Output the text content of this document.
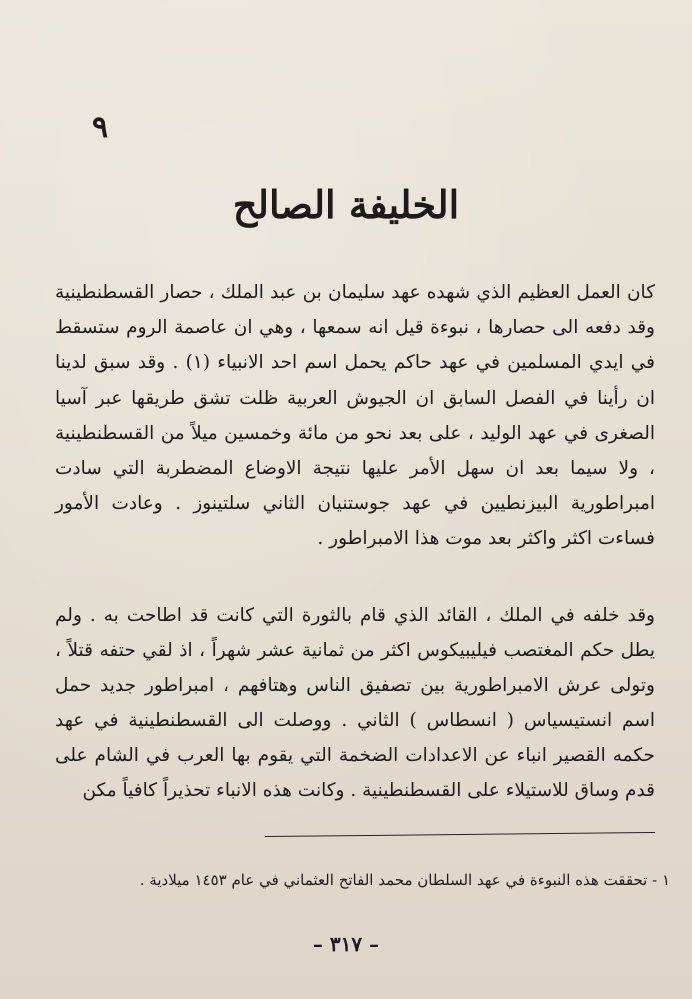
٩
الخليفة الصالح

كان العمل العظيم الذي شهده عهد سليمان بن عبد الملك ، حصار القسطنطينية وقد دفعه الى حصارها ، نبوءة قيل انه سمعها ، وهي ان عاصمة الروم ستسقط في ايدي المسلمين في عهد حاكم يحمل اسم احد الانبياء (١) . وقد سبق لدينا ان رأينا في الفصل السابق ان الجيوش العربية ظلت تشق طريقها عبر آسيا الصغرى في عهد الوليد ، على بعد نحو من مائة وخمسين ميلاً من القسطنطينية ، ولا سيما بعد ان سهل الأمر عليها نتيجة الاوضاع المضطربة التي سادت امبراطورية البيزنطيين في عهد جوستنيان الثاني سلتينوز . وعادت الأمور فساءت اكثر واكثر بعد موت هذا الامبراطور .

وقد خلفه في الملك ، القائد الذي قام بالثورة التي كانت قد اطاحت به . ولم يطل حكم المغتصب فيليبيكوس اكثر من ثمانية عشر شهراً ، اذ لقي حتفه قتلاً ، وتولى عرش الامبراطورية بين تصفيق الناس وهتافهم ، امبراطور جديد حمل اسم انستيسياس ( انسطاس ) الثاني . ووصلت الى القسطنطينية في عهد حكمه القصير انباء عن الاعدادات الضخمة التي يقوم بها العرب في الشام على قدم وساق للاستيلاء على القسطنطينية . وكانت هذه الانباء تحذيراً كافياً مكن

١ - تحققت هذه النبوءة في عهد السلطان محمد الفاتح العثماني في عام ١٤٥٣ ميلادية .
– ٣١٧ –
